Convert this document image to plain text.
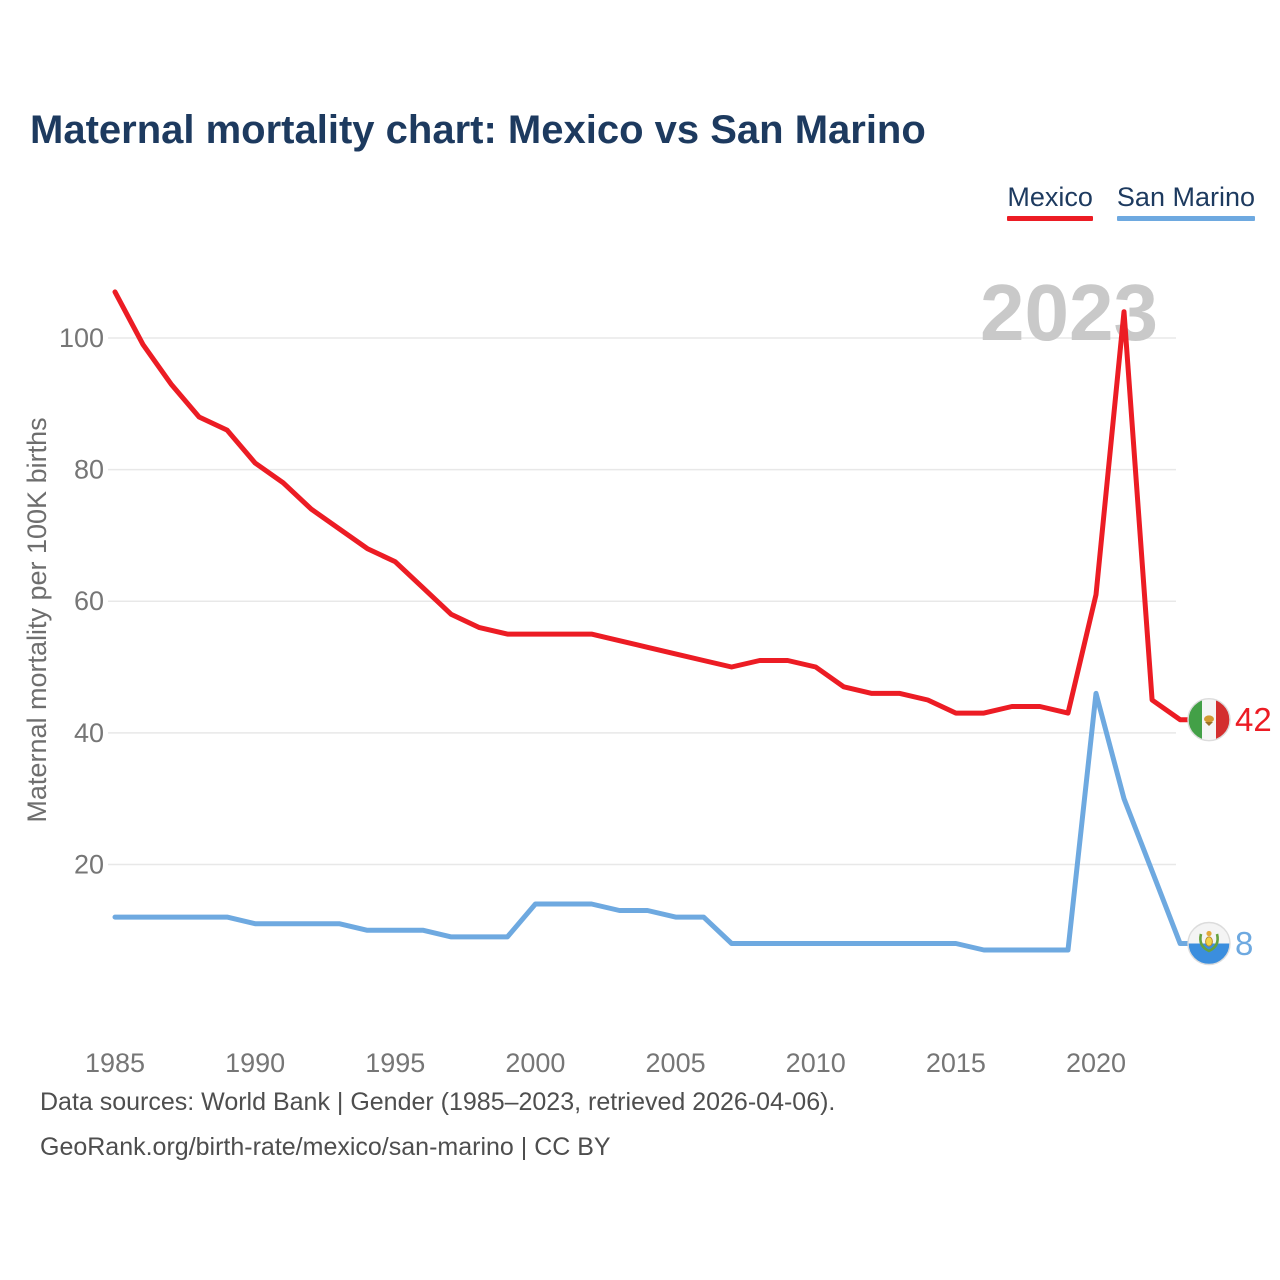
Maternal mortality chart: Mexico vs San Marino
Mexico San Marino
2023
Maternal mortality per 100K births
20
40
60
80
100
1985	1990	1995	2000	2005	2010	2015	2020
42
8
Data sources: World Bank | Gender (1985–2023, retrieved 2026-04-06).
GeoRank.org/birth-rate/mexico/san-marino | CC BY
